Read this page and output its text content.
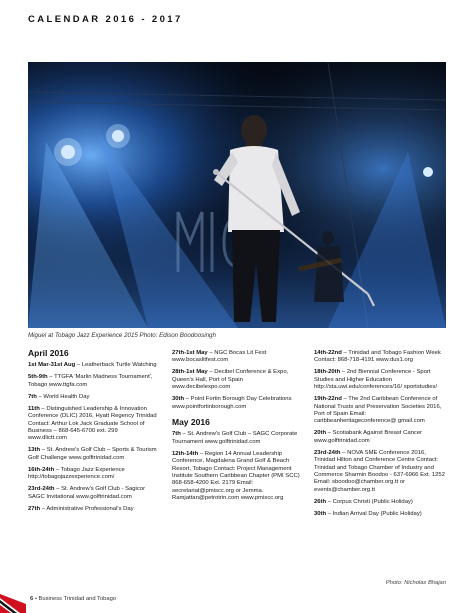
CALENDAR 2016 - 2017
Miguel at Tobago Jazz Experience 2015 Photo: Edison Boodoosingh
April 2016
1st Mar-31st Aug – Leatherback Turtle Watching
5th-9th – TTGFA 'Marlin Madness Tournament', Tobago www.ttgfa.com
7th – World Health Day
11th – Distinguished Leadership & Innovation Conference (DLIC) 2016, Hyatt Regency Trinidad Contact: Arthur Lok Jack Graduate School of Business – 868-645-6700 ext. 299 www.dlictt.com
13th – St. Andrew's Golf Club – Sports & Tourism Golf Challenge www.golftrinidad.com
16th-24th – Tobago Jazz Experience http://tobagojazzexperience.com/
23rd-24th – St. Andrew's Golf Club - Sagicor SAGC Invitational www.golftrinidad.com
27th – Administrative Professional's Day
27th-1st May – NGC Bocas Lit Fest www.bocaslitfest.com
28th-1st May – Decibel Conference & Expo, Queen's Hall, Port of Spain www.decibelexpo.com
30th – Point Fortin Borough Day Celebrations www.pointfortinborough.com
May 2016
7th – St. Andrew's Golf Club – SAGC Corporate Tournament www.golftrinidad.com
12th-14th – Region 14 Annual Leadership Conference, Magdalena Grand Golf & Beach Resort, Tobago Contact: Project Management Institute Southern Caribbean Chapter (PMI SCC) 868-658-4200 Ext. 2179 Email: secretariat@pmiscc.org or Jemma. Ramjattan@petrotrin.com www.pmiscc.org
14th-22nd – Trinidad and Tobago Fashion Week Contact: 868-718-4191 www.dus1.org
18th-20th – 2nd Biennial Conference - Sport Studies and Higher Education http://sta.uwi.edu/conferences/16/ sportstudies/
19th-22nd – The 2nd Caribbean Conference of National Trusts and Preservation Societies 2016, Port of Spain Email: caribbeanheritageconference@ gmail.com
20th – Scotiabank Against Breast Cancer www.golftrinidad.com
23rd-24th – NOVA SME Conference 2016, Trinidad Hilton and Conference Centre Contact: Trinidad and Tobago Chamber of Industry and Commerce Sharmin Boodoo - 637-6966 Ext. 1252 Email: sboodoo@chamber.org.tt or events@chamber.org.tt
26th – Corpus Christi (Public Holiday)
30th – Indian Arrival Day (Public Holiday)
Photo: Nicholas Bhajan
6 • Business Trinidad and Tobago
